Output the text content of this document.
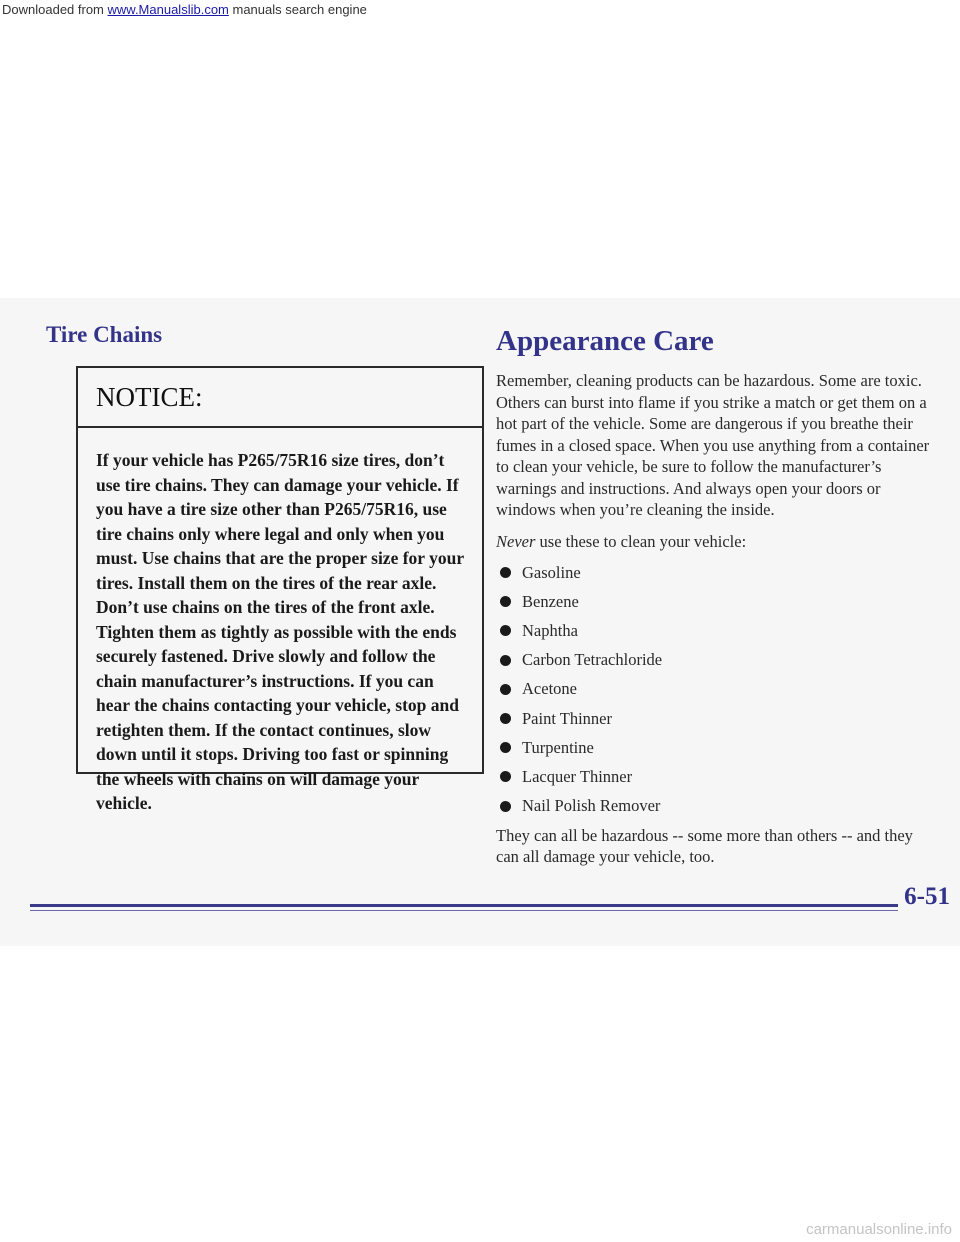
Downloaded from www.Manualslib.com manuals search engine
Tire Chains
NOTICE:
If your vehicle has P265/75R16 size tires, don’t use tire chains. They can damage your vehicle. If you have a tire size other than P265/75R16, use tire chains only where legal and only when you must. Use chains that are the proper size for your tires. Install them on the tires of the rear axle. Don’t use chains on the tires of the front axle. Tighten them as tightly as possible with the ends securely fastened. Drive slowly and follow the chain manufacturer’s instructions. If you can hear the chains contacting your vehicle, stop and retighten them. If the contact continues, slow down until it stops. Driving too fast or spinning the wheels with chains on will damage your vehicle.
Appearance Care

Remember, cleaning products can be hazardous. Some are toxic. Others can burst into flame if you strike a match or get them on a hot part of the vehicle. Some are dangerous if you breathe their fumes in a closed space. When you use anything from a container to clean your vehicle, be sure to follow the manufacturer’s warnings and instructions. And always open your doors or windows when you’re cleaning the inside.

Never use these to clean your vehicle:

Gasoline
Benzene
Naphtha
Carbon Tetrachloride
Acetone
Paint Thinner
Turpentine
Lacquer Thinner
Nail Polish Remover

They can all be hazardous -- some more than others -- and they can all damage your vehicle, too.

6-51
carmanualsonline.info
